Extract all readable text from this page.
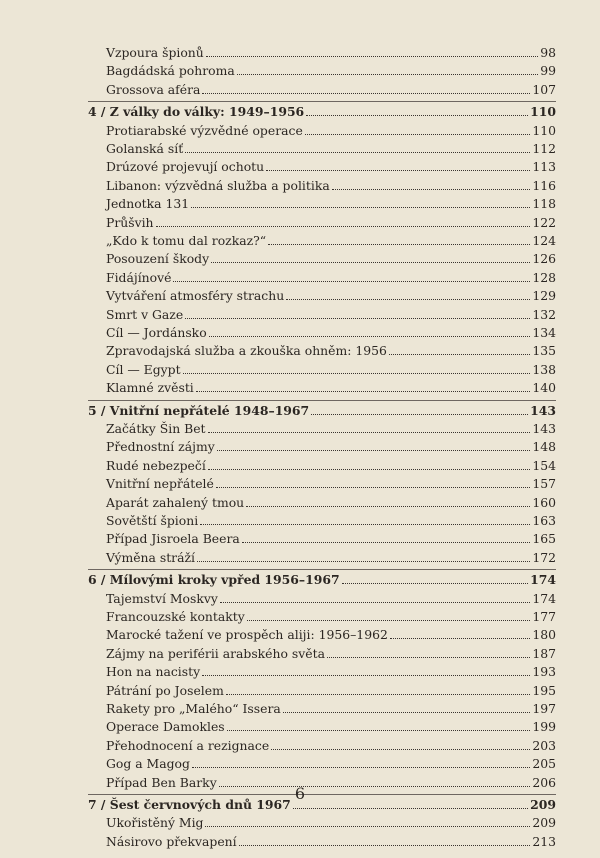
Vzpoura špionů	98
Bagdádská pohroma	99
Grossova aféra	107
4 / Z války do války: 1949–1956	110
Protiarabské výzvědné operace	110
Golanská síť	112
Drúzové projevují ochotu	113
Libanon: výzvědná služba a politika	116
Jednotka 131	118
Průšvih	122
„Kdo k tomu dal rozkaz?“	124
Posouzení škody	126
Fidájínové	128
Vytváření atmosféry strachu	129
Smrt v Gaze	132
Cíl — Jordánsko	134
Zpravodajská služba a zkouška ohněm: 1956	135
Cíl — Egypt	138
Klamné zvěsti	140
5 / Vnitřní nepřátelé 1948–1967	143
Začátky Šin Bet	143
Přednostní zájmy	148
Rudé nebezpečí	154
Vnitřní nepřátelé	157
Aparát zahalený tmou	160
Sovětští špioni	163
Případ Jisroela Beera	165
Výměna stráží	172
6 / Mílovými kroky vpřed 1956–1967	174
Tajemství Moskvy	174
Francouzské kontakty	177
Marocké tažení ve prospěch aliji: 1956–1962	180
Zájmy na periférii arabského světa	187
Hon na nacisty	193
Pátrání po Joselem	195
Rakety pro „Malého“ Issera	197
Operace Damokles	199
Přehodnocení a rezignace	203
Gog a Magog	205
Případ Ben Barky	206
7 / Šest červnových dnů 1967	209
Ukořistěný Mig	209
Násirovo překvapení	213
6
